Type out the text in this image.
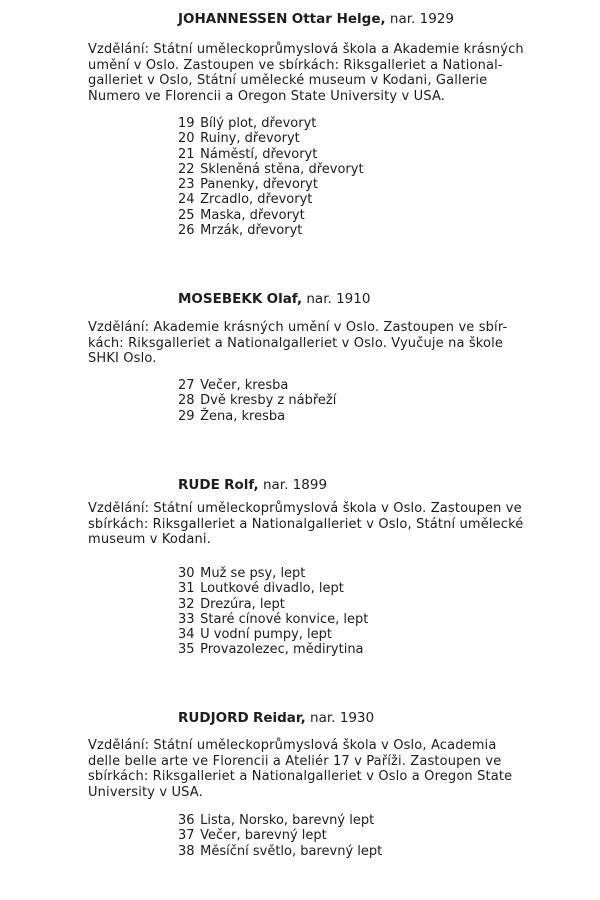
JOHANNESSEN Ottar Helge, nar. 1929
Vzdělání: Státní uměleckoprůmyslová škola a Akademie krásných
umění v Oslo. Zastoupen ve sbírkách: Riksgalleriet a National-
galleriet v Oslo, Státní umělecké museum v Kodani, Gallerie
Numero ve Florencii a Oregon State University v USA.
19 Bílý plot, dřevoryt
20 Ruiny, dřevoryt
21 Náměstí, dřevoryt
22 Skleněná stěna, dřevoryt
23 Panenky, dřevoryt
24 Zrcadlo, dřevoryt
25 Maska, dřevoryt
26 Mrzák, dřevoryt
MOSEBEKK Olaf, nar. 1910
Vzdělání: Akademie krásných umění v Oslo. Zastoupen ve sbír-
kách: Riksgalleriet a Nationalgalleriet v Oslo. Vyučuje na škole
SHKI Oslo.
27 Večer, kresba
28 Dvě kresby z nábřeží
29 Žena, kresba
RUDE Rolf, nar. 1899
Vzdělání: Státní uměleckoprůmyslová škola v Oslo. Zastoupen ve
sbírkách: Riksgalleriet a Nationalgalleriet v Oslo, Státní umělecké
museum v Kodani.
30 Muž se psy, lept
31 Loutkové divadlo, lept
32 Drezúra, lept
33 Staré cínové konvice, lept
34 U vodní pumpy, lept
35 Provazolezec, mědirytina
RUDJORD Reidar, nar. 1930
Vzdělání: Státní uměleckoprůmyslová škola v Oslo, Academia
delle belle arte ve Florencii a Ateliér 17 v Paříži. Zastoupen ve
sbírkách: Riksgalleriet a Nationalgalleriet v Oslo a Oregon State
University v USA.
36 Lista, Norsko, barevný lept
37 Večer, barevný lept
38 Měsíční světlo, barevný lept
